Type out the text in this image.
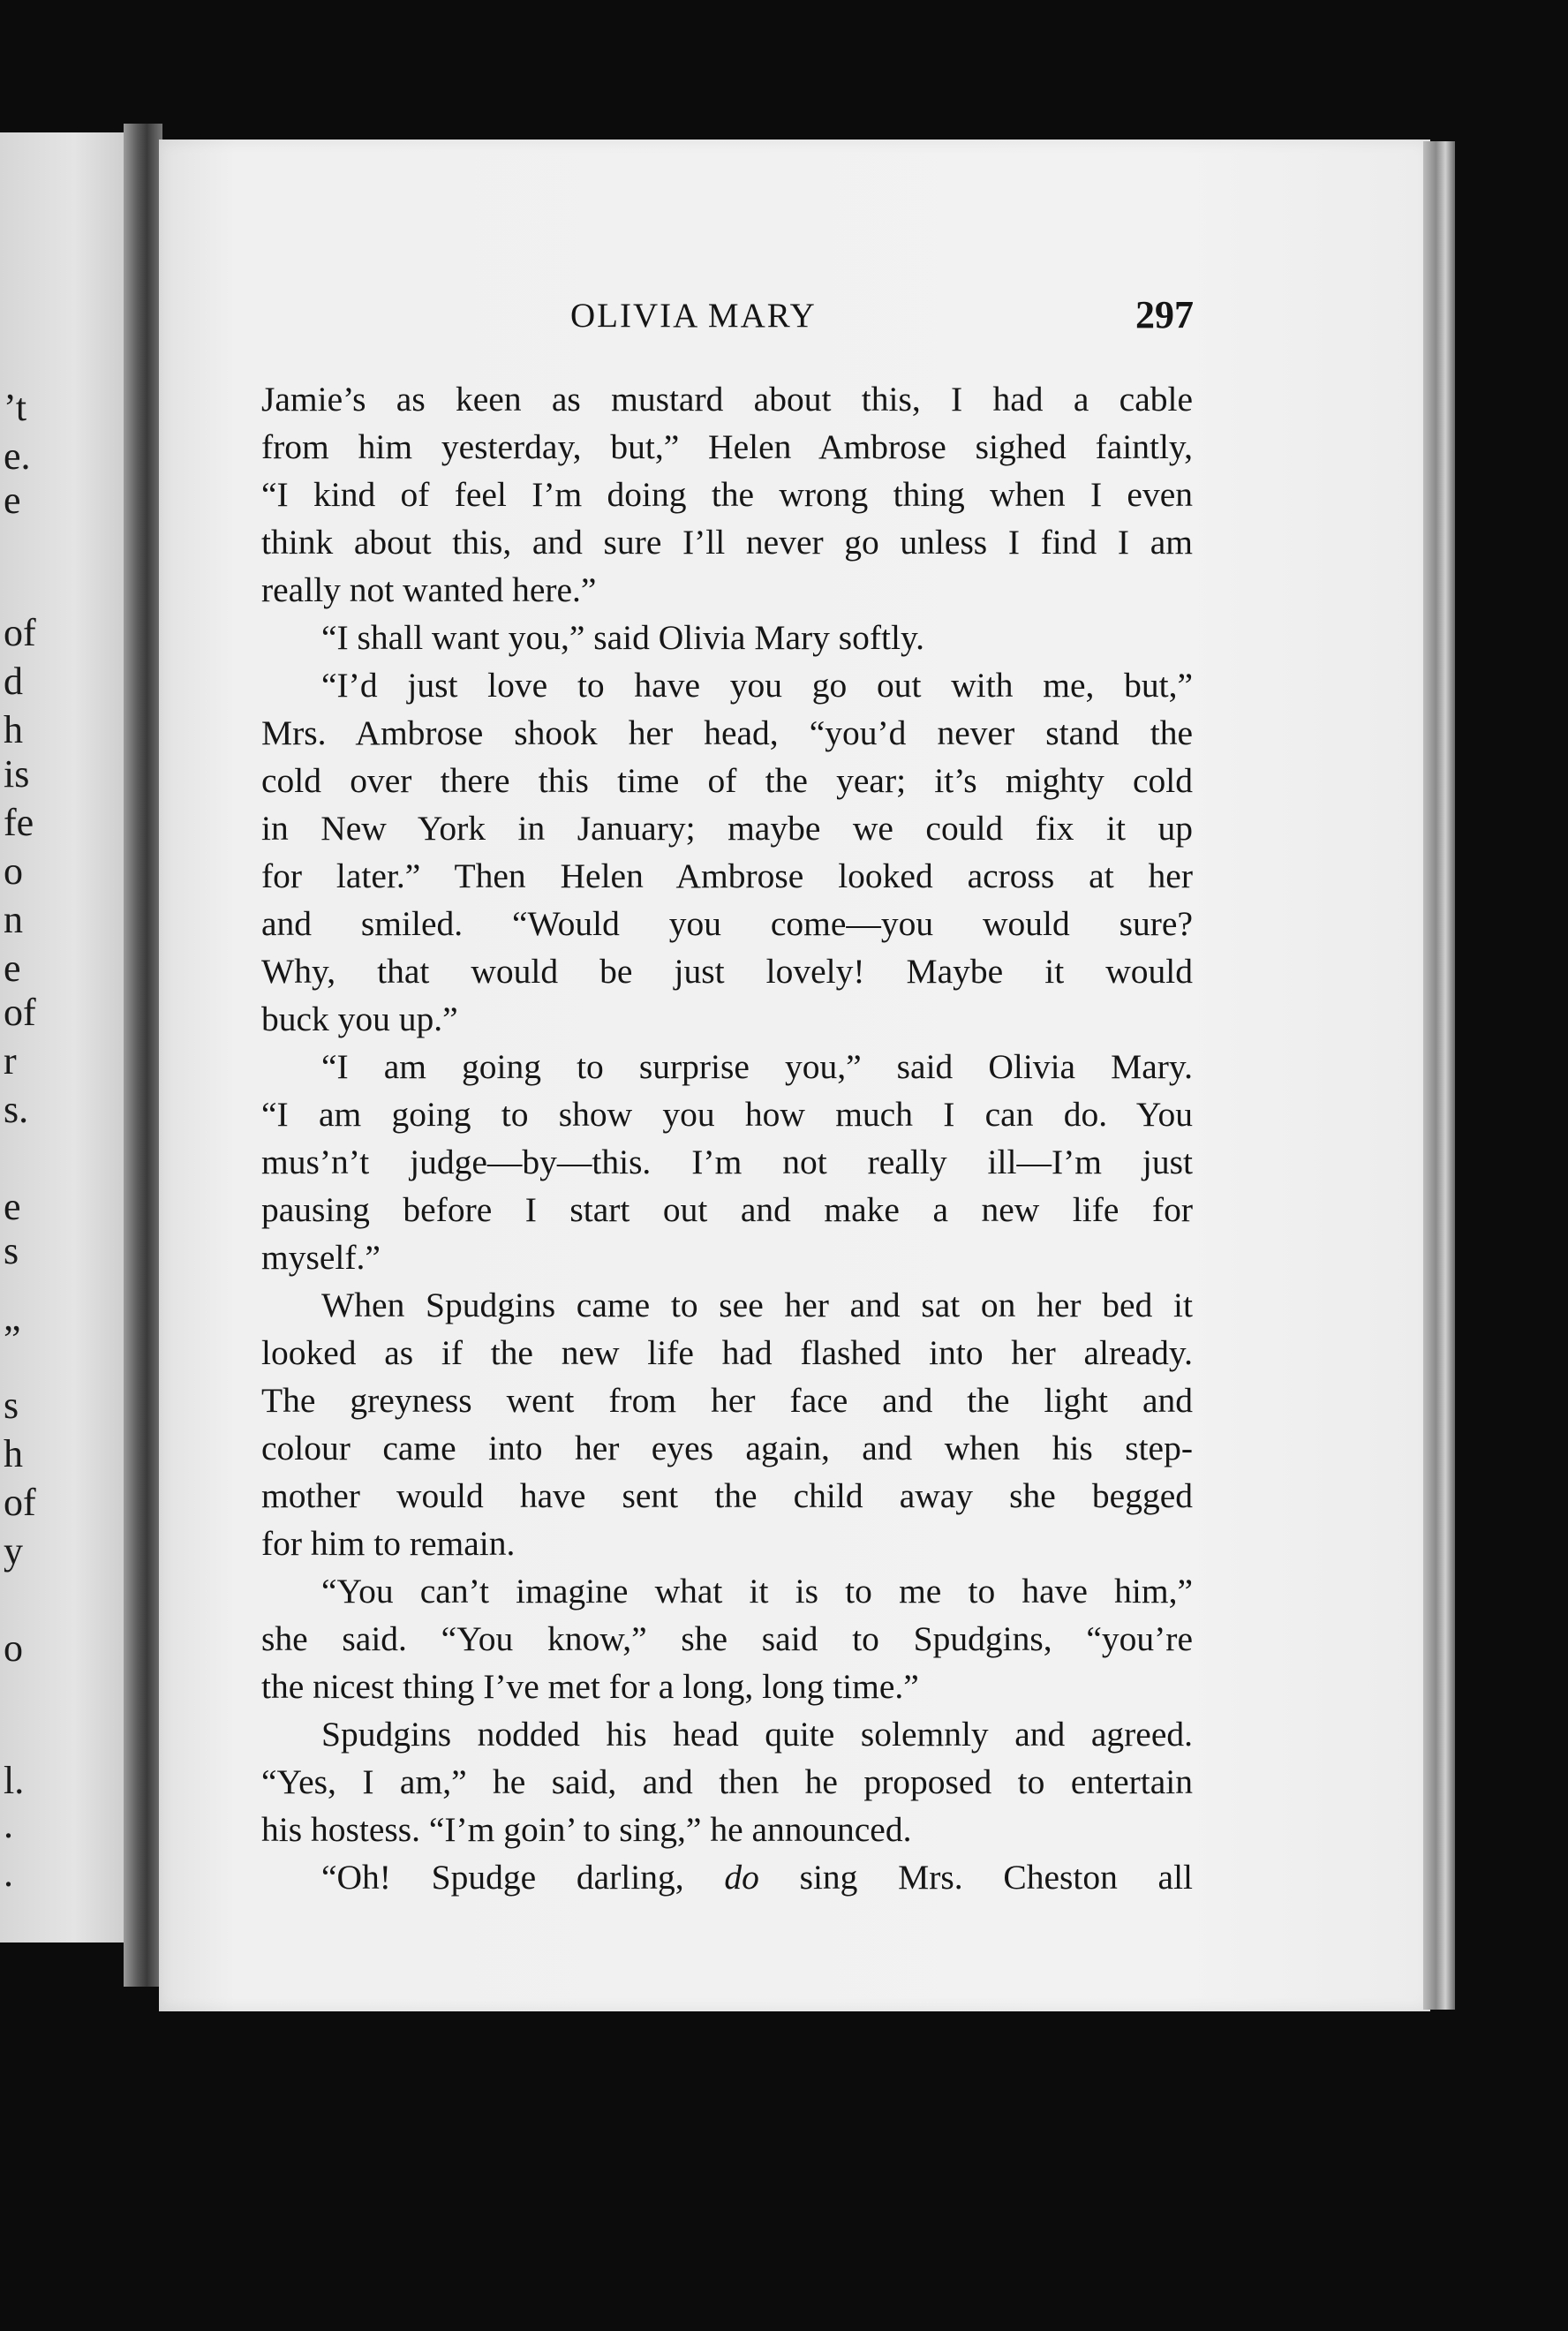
’t
e.
e
of
d
h
is
fe
o
n
e
of
r
s.
e
s
”
s
h
of
y
o
l.
.
.
OLIVIA MARY	297
Jamie’s as keen as mustard about this, I had a cable
from him yesterday, but,” Helen Ambrose sighed faintly,
“I kind of feel I’m doing the wrong thing when I even
think about this, and sure I’ll never go unless I find I am
really not wanted here.”
“I shall want you,” said Olivia Mary softly.
“I’d just love to have you go out with me, but,”
Mrs. Ambrose shook her head, “you’d never stand the
cold over there this time of the year; it’s mighty cold
in New York in January; maybe we could fix it up
for later.” Then Helen Ambrose looked across at her
and smiled. “Would you come—you would sure?
Why, that would be just lovely! Maybe it would
buck you up.”
“I am going to surprise you,” said Olivia Mary.
“I am going to show you how much I can do. You
mus’n’t judge—by—this. I’m not really ill—I’m just
pausing before I start out and make a new life for
myself.”
When Spudgins came to see her and sat on her bed it
looked as if the new life had flashed into her already.
The greyness went from her face and the light and
colour came into her eyes again, and when his step-
mother would have sent the child away she begged
for him to remain.
“You can’t imagine what it is to me to have him,”
she said. “You know,” she said to Spudgins, “you’re
the nicest thing I’ve met for a long, long time.”
Spudgins nodded his head quite solemnly and agreed.
“Yes, I am,” he said, and then he proposed to entertain
his hostess. “I’m goin’ to sing,” he announced.
“Oh! Spudge darling, do sing Mrs. Cheston all
